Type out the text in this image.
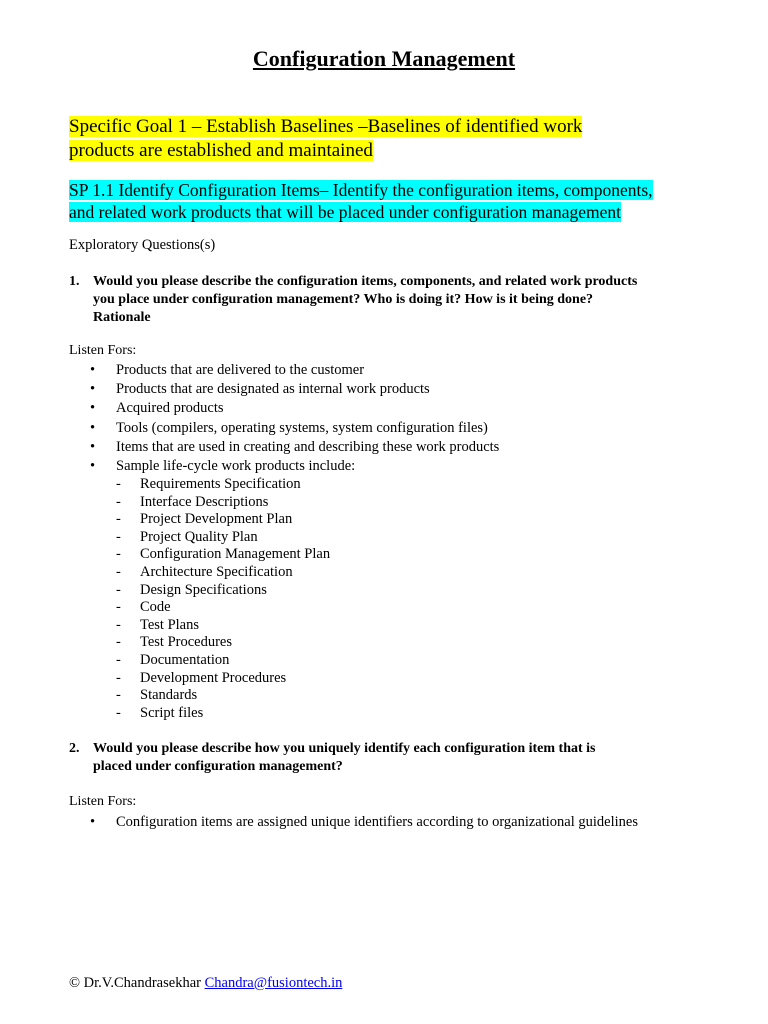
Configuration Management
Specific Goal 1 – Establish Baselines –Baselines of identified work
products are established and maintained
SP 1.1 Identify Configuration Items– Identify the configuration items, components,
and related work products that will be placed under configuration management
Exploratory Questions(s)
1. Would you please describe the configuration items, components, and related work products
you place under configuration management? Who is doing it? How is it being done?
Rationale
Listen Fors:
• Products that are delivered to the customer
• Products that are designated as internal work products
• Acquired products
• Tools (compilers, operating systems, system configuration files)
• Items that are used in creating and describing these work products
• Sample life-cycle work products include:
- Requirements Specification
- Interface Descriptions
- Project Development Plan
- Project Quality Plan
- Configuration Management Plan
- Architecture Specification
- Design Specifications
- Code
- Test Plans
- Test Procedures
- Documentation
- Development Procedures
- Standards
- Script files
2. Would you please describe how you uniquely identify each configuration item that is
placed under configuration management?
Listen Fors:
• Configuration items are assigned unique identifiers according to organizational guidelines
© Dr.V.Chandrasekhar Chandra@fusiontech.in
